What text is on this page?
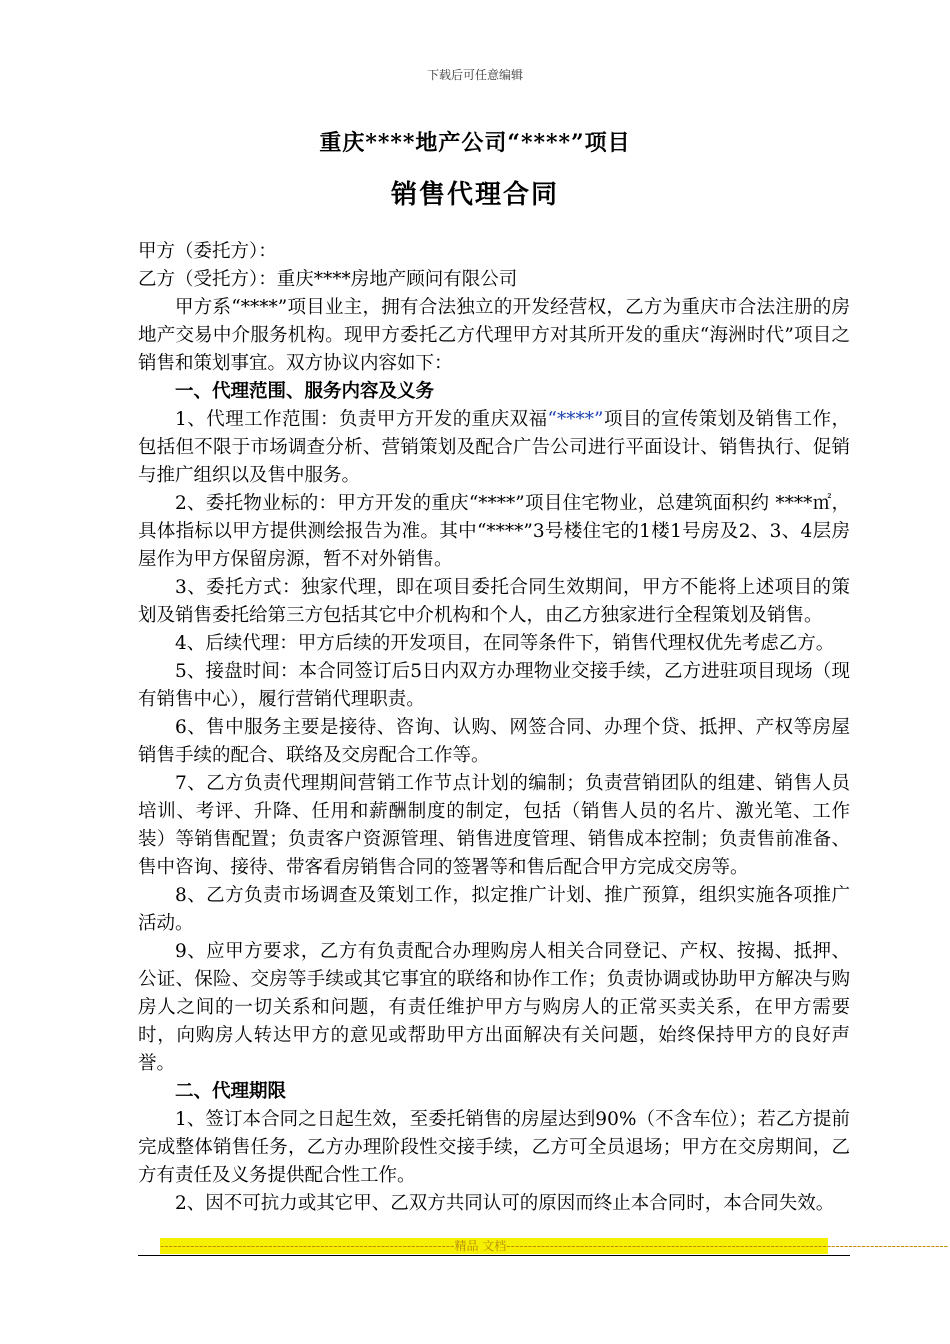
下载后可任意编辑
重庆****地产公司“****”项目
销售代理合同

甲方（委托方）：

乙方（受托方）：重庆****房地产顾问有限公司

甲方系“****”项目业主，拥有合法独立的开发经营权，乙方为重庆市合法注册的房地产交易中介服务机构。现甲方委托乙方代理甲方对其所开发的重庆“海洲时代”项目之销售和策划事宜。双方协议内容如下：

一、代理范围、服务内容及义务

1、代理工作范围：负责甲方开发的重庆双福“****”项目的宣传策划及销售工作，包括但不限于市场调查分析、营销策划及配合广告公司进行平面设计、销售执行、促销与推广组织以及售中服务。

2、委托物业标的：甲方开发的重庆“****”项目住宅物业，总建筑面积约 ****㎡，具体指标以甲方提供测绘报告为准。其中“****”3号楼住宅的1楼1号房及2、3、4层房屋作为甲方保留房源，暂不对外销售。

3、委托方式：独家代理，即在项目委托合同生效期间，甲方不能将上述项目的策划及销售委托给第三方包括其它中介机构和个人，由乙方独家进行全程策划及销售。

4、后续代理：甲方后续的开发项目，在同等条件下，销售代理权优先考虑乙方。

5、接盘时间：本合同签订后5日内双方办理物业交接手续，乙方进驻项目现场（现有销售中心），履行营销代理职责。

6、售中服务主要是接待、咨询、认购、网签合同、办理个贷、抵押、产权等房屋销售手续的配合、联络及交房配合工作等。

7、乙方负责代理期间营销工作节点计划的编制；负责营销团队的组建、销售人员培训、考评、升降、任用和薪酬制度的制定，包括（销售人员的名片、激光笔、工作装）等销售配置；负责客户资源管理、销售进度管理、销售成本控制；负责售前准备、售中咨询、接待、带客看房销售合同的签署等和售后配合甲方完成交房等。

8、乙方负责市场调查及策划工作，拟定推广计划、推广预算，组织实施各项推广活动。

9、应甲方要求，乙方有负责配合办理购房人相关合同登记、产权、按揭、抵押、公证、保险、交房等手续或其它事宜的联络和协作工作；负责协调或协助甲方解决与购房人之间的一切关系和问题，有责任维护甲方与购房人的正常买卖关系，在甲方需要时，向购房人转达甲方的意见或帮助甲方出面解决有关问题，始终保持甲方的良好声誉。

二、代理期限

1、签订本合同之日起生效，至委托销售的房屋达到90%（不含车位）；若乙方提前完成整体销售任务，乙方办理阶段性交接手续，乙方可全员退场；甲方在交房期间，乙方有责任及义务提供配合性工作。

2、因不可抗力或其它甲、乙双方共同认可的原因而终止本合同时，本合同失效。

--------------------------------------------------------------------精品 文档------------------------------------------------------------------------------------------------------
